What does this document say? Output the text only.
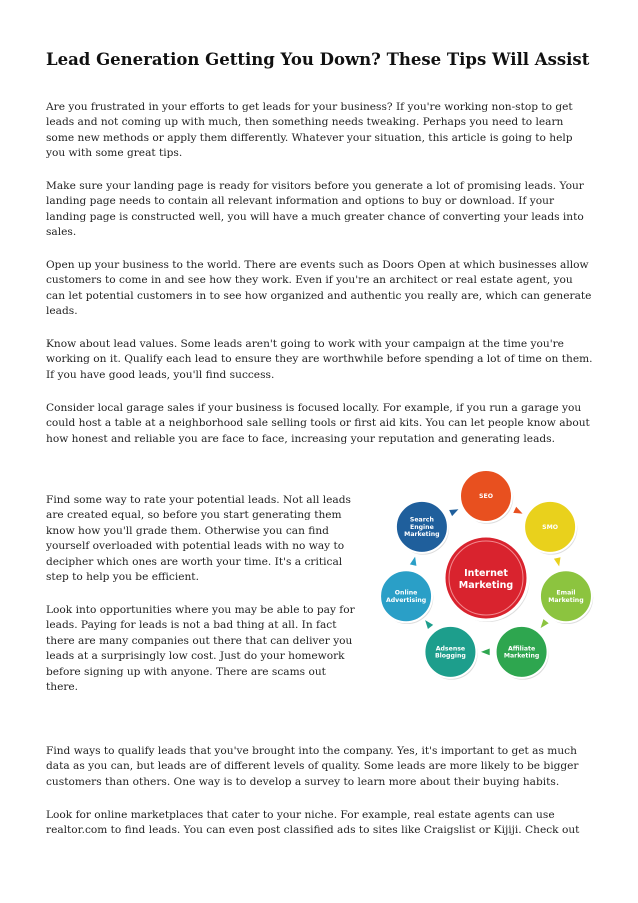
Lead Generation Getting You Down? These Tips Will Assist

Are you frustrated in your efforts to get leads for your business? If you're working non-stop to get leads and not coming up with much, then something needs tweaking. Perhaps you need to learn some new methods or apply them differently. Whatever your situation, this article is going to help you with some great tips.

Make sure your landing page is ready for visitors before you generate a lot of promising leads. Your landing page needs to contain all relevant information and options to buy or download. If your landing page is constructed well, you will have a much greater chance of converting your leads into sales.

Open up your business to the world. There are events such as Doors Open at which businesses allow customers to come in and see how they work. Even if you're an architect or real estate agent, you can let potential customers in to see how organized and authentic you really are, which can generate leads.

Know about lead values. Some leads aren't going to work with your campaign at the time you're working on it. Qualify each lead to ensure they are worthwhile before spending a lot of time on them. If you have good leads, you'll find success.

Consider local garage sales if your business is focused locally. For example, if you run a garage you could host a table at a neighborhood sale selling tools or first aid kits. You can let people know about how honest and reliable you are face to face, increasing your reputation and generating leads.

Find some way to rate your potential leads. Not all leads are created equal, so before you start generating them know how you'll grade them. Otherwise you can find yourself overloaded with potential leads with no way to decipher which ones are worth your time. It's a critical step to help you be efficient.

Look into opportunities where you may be able to pay for leads. Paying for leads is not a bad thing at all. In fact there are many companies out there that can deliver you leads at a surprisingly low cost. Just do your homework before signing up with anyone. There are scams out there.

Find ways to qualify leads that you've brought into the company. Yes, it's important to get as much data as you can, but leads are of different levels of quality. Some leads are more likely to be bigger customers than others. One way is to develop a survey to learn more about their buying habits.

Look for online marketplaces that cater to your niche. For example, real estate agents can use realtor.com to find leads. You can even post classified ads to sites like Craigslist or Kijiji. Check out

Internet
Marketing
SEO
SMO
Email
Marketing
Affiliate
Marketing
Adsense
Blogging
Online
Advertising
Search
Engine
Marketing
